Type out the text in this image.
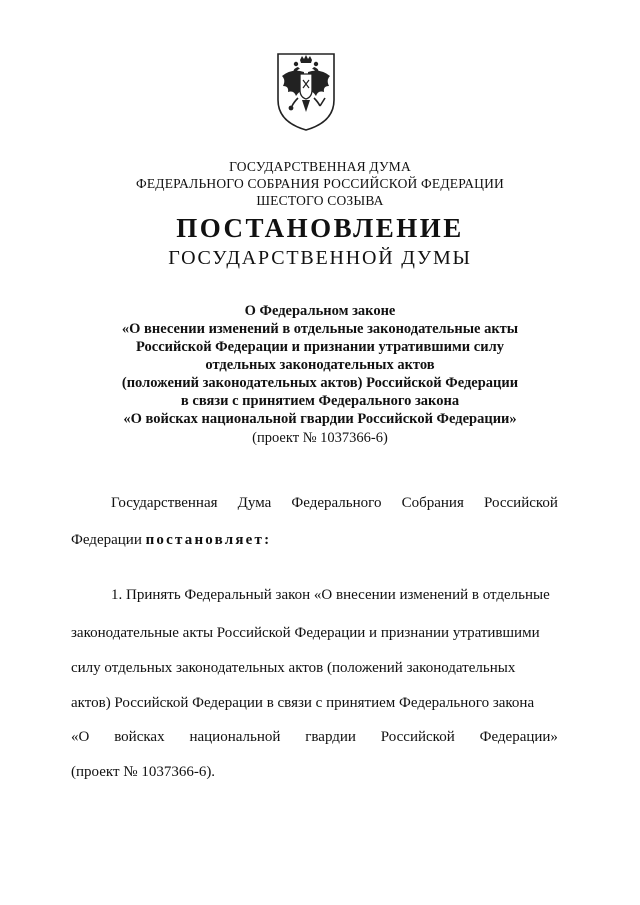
ГОСУДАРСТВЕННАЯ ДУМА
ФЕДЕРАЛЬНОГО СОБРАНИЯ РОССИЙСКОЙ ФЕДЕРАЦИИ
ШЕСТОГО СОЗЫВА
ПОСТАНОВЛЕНИЕ
ГОСУДАРСТВЕННОЙ ДУМЫ
О Федеральном законе
«О внесении изменений в отдельные законодательные акты
Российской Федерации и признании утратившими силу
отдельных законодательных актов
(положений законодательных актов) Российской Федерации
в связи с принятием Федерального закона
«О войсках национальной гвардии Российской Федерации»
(проект № 1037366-6)
Государственная Дума Федерального Собрания Российской
Федерации постановляет:
1. Принять Федеральный закон «О внесении изменений в отдельные
законодательные акты Российской Федерации и признании утратившими
силу отдельных законодательных актов (положений законодательных
актов) Российской Федерации в связи с принятием Федерального закона
«О войсках национальной гвардии Российской Федерации»
(проект № 1037366-6).
